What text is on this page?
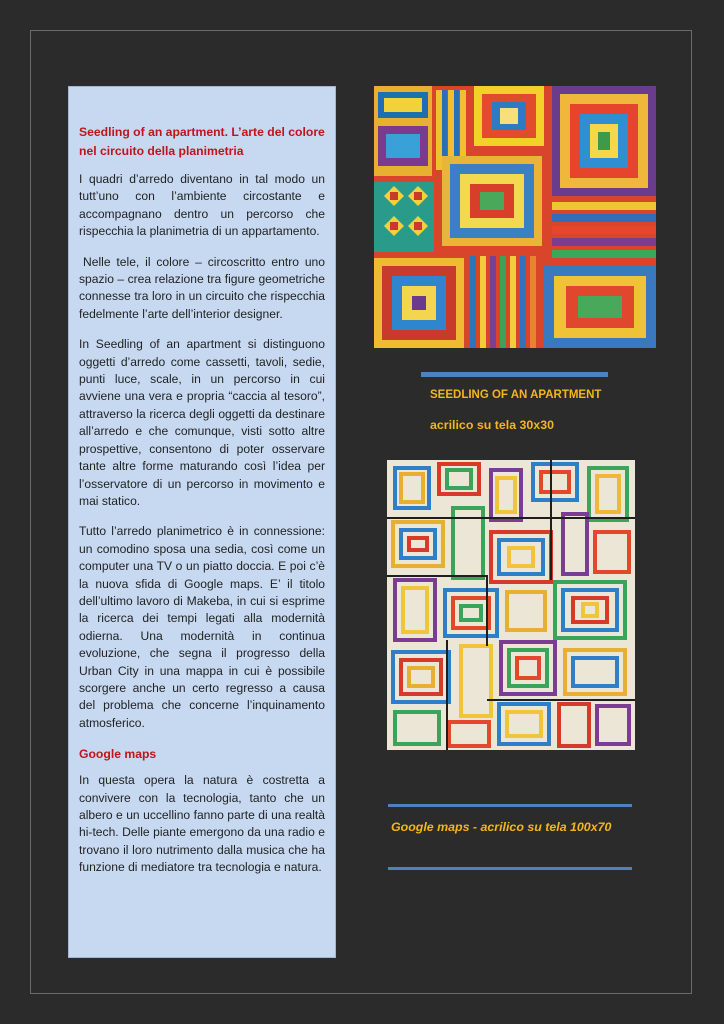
Seedling of an apartment. L’arte del colore nel circuito della planimetria

I quadri d’arredo diventano in tal modo un tutt’uno con l’ambiente circostante e accompagnano dentro un percorso che rispecchia la planimetria di un appartamento.

Nelle tele, il colore – circoscritto entro uno spazio – crea relazione tra figure geometriche connesse tra loro in un circuito che rispecchia fedelmente l’arte dell’interior designer.

In Seedling of an apartment si distinguono oggetti d’arredo come cassetti, tavoli, sedie, punti luce, scale, in un percorso in cui avviene una vera e propria “caccia al tesoro”, attraverso la ricerca degli oggetti da destinare all’arredo e che comunque, visti sotto altre prospettive, consentono di poter osservare tante altre forme maturando così l’idea per l’osservatore di un percorso in movimento e mai statico.

Tutto l’arredo planimetrico è in connessione: un comodino sposa una sedia, così come un computer una TV o un piatto doccia. E poi c’è la nuova sfida di Google maps. E’ il titolo dell’ultimo lavoro di Makeba, in cui si esprime la ricerca dei tempi legati alla modernità odierna. Una modernità in continua evoluzione, che segna il progresso della Urban City in una mappa in cui è possibile scorgere anche un certo regresso a causa del problema che concerne l’inquinamento atmosferico.

Google maps

In questa opera la natura è costretta a convivere con la tecnologia, tanto che un albero e un uccellino fanno parte di una realtà hi-tech. Delle piante emergono da una radio e trovano il loro nutrimento dalla musica che ha funzione di mediatore tra tecnologia e natura.

SEEDLING OF AN APARTMENT
acrilico su tela 30x30
Google maps - acrilico su tela 100x70
